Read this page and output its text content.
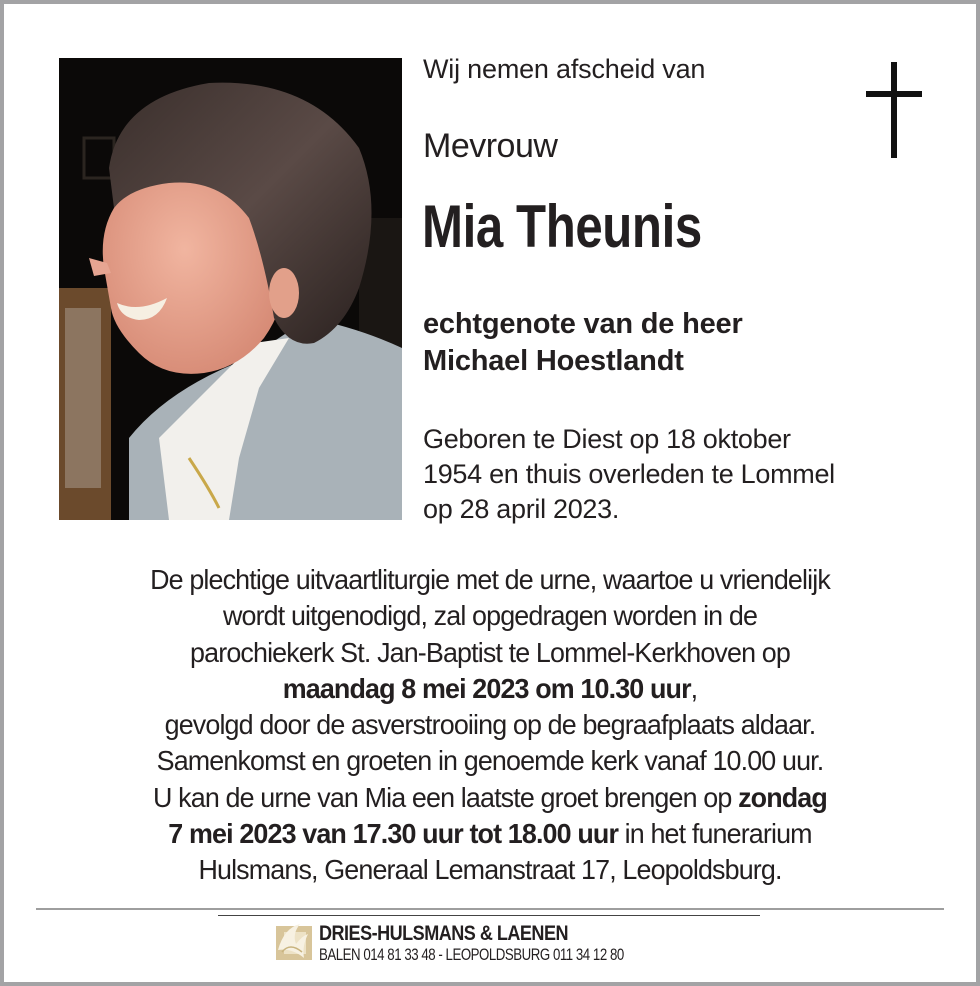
Wij nemen afscheid van
Mevrouw
Mia Theunis
echtgenote van de heer
Michael Hoestlandt
Geboren te Diest op 18 oktober
1954 en thuis overleden te Lommel
op 28 april 2023.
De plechtige uitvaartliturgie met de urne, waartoe u vriendelijk
wordt uitgenodigd, zal opgedragen worden in de
parochiekerk St. Jan-Baptist te Lommel-Kerkhoven op
maandag 8 mei 2023 om 10.30 uur,
gevolgd door de asverstrooiing op de begraafplaats aldaar.
Samenkomst en groeten in genoemde kerk vanaf 10.00 uur.
U kan de urne van Mia een laatste groet brengen op zondag
7 mei 2023 van 17.30 uur tot 18.00 uur in het funerarium
Hulsmans, Generaal Lemanstraat 17, Leopoldsburg.
DRIES-HULSMANS & LAENEN
BALEN 014 81 33 48 - LEOPOLDSBURG 011 34 12 80
